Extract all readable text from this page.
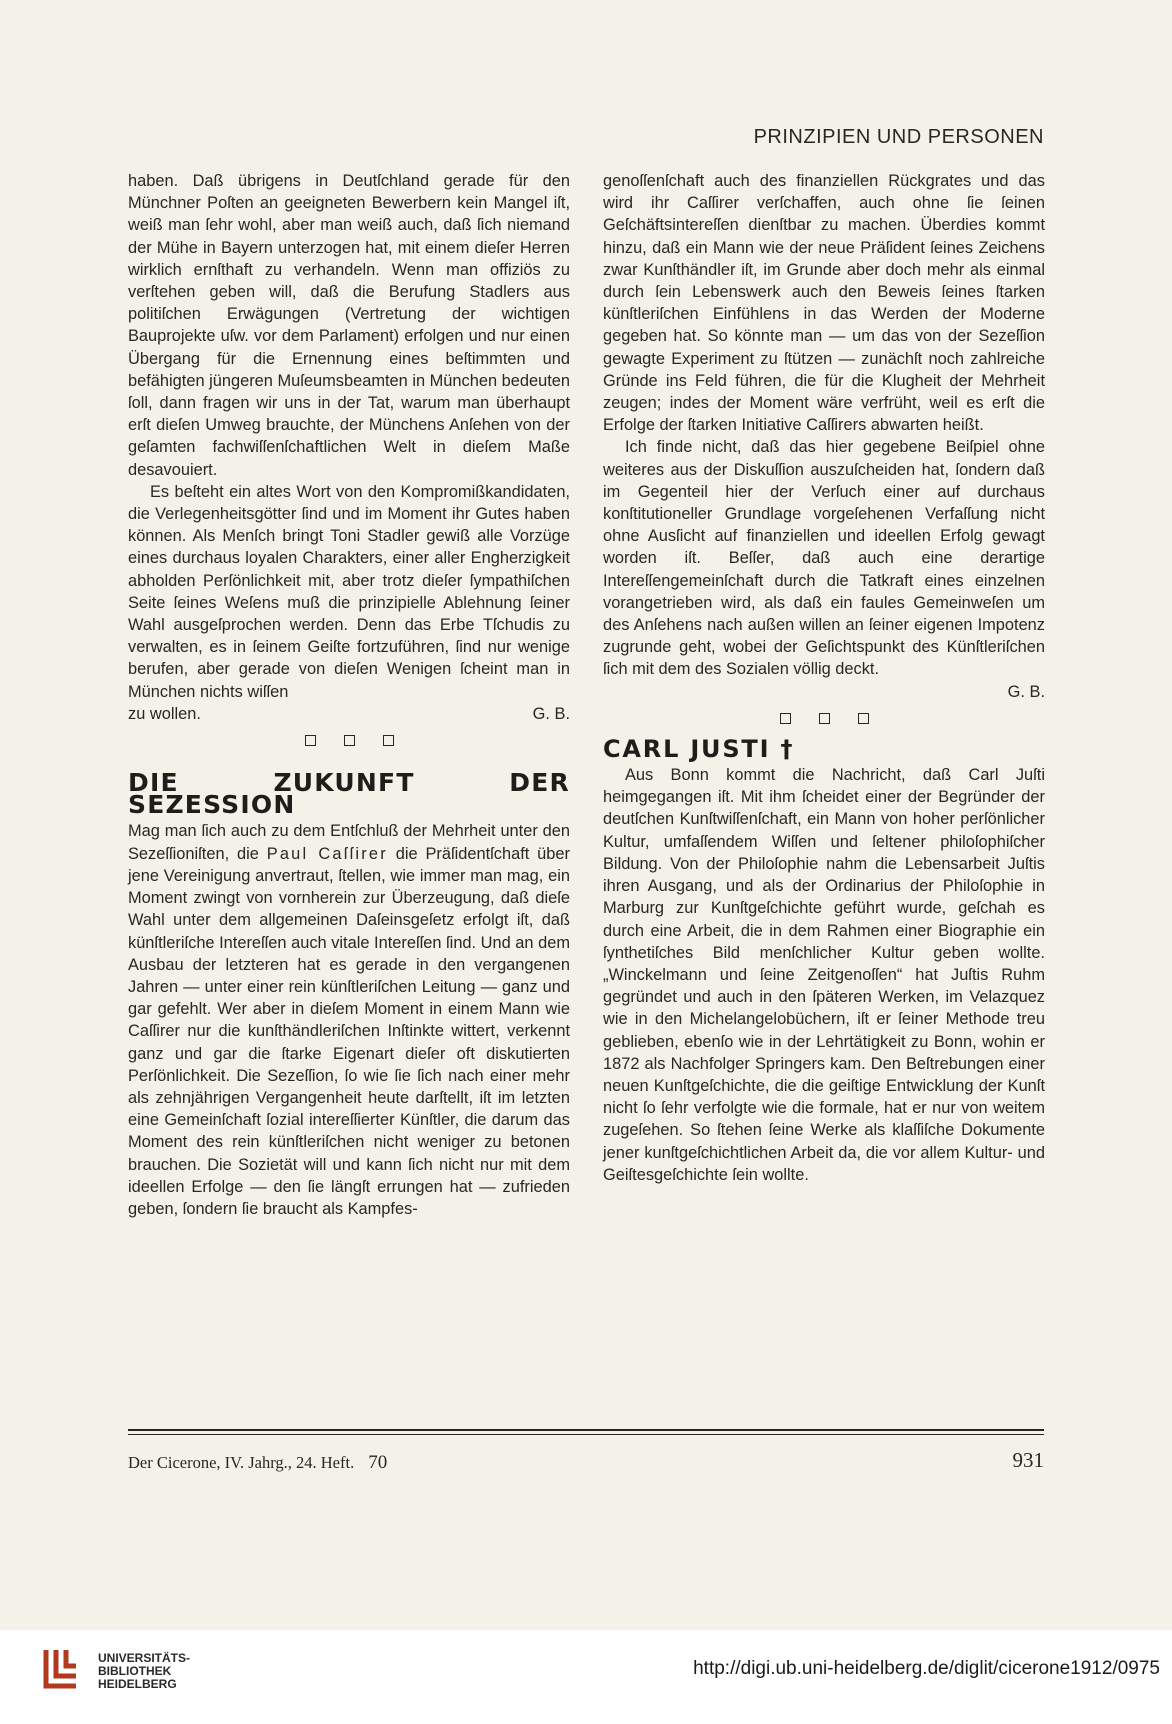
PRINZIPIEN UND PERSONEN

haben. Daß übrigens in Deutſchland gerade für den Münchner Poſten an geeigneten Bewerbern kein Mangel iſt, weiß man ſehr wohl, aber man weiß auch, daß ſich niemand der Mühe in Bayern unterzogen hat, mit einem dieſer Herren wirklich ernſthaft zu verhandeln. Wenn man offiziös zu verſtehen geben will, daß die Berufung Stadlers aus politiſchen Erwägungen (Vertretung der wichtigen Bauprojekte uſw. vor dem Parlament) erfolgen und nur einen Übergang für die Ernennung eines beſtimmten und befähigten jüngeren Muſeumsbeamten in München bedeuten ſoll, dann fragen wir uns in der Tat, warum man überhaupt erſt dieſen Umweg brauchte, der Münchens Anſehen von der geſamten fachwiſſenſchaftlichen Welt in dieſem Maße desavouiert.

Es beſteht ein altes Wort von den Kompromißkandidaten, die Verlegenheitsgötter ſind und im Moment ihr Gutes haben können. Als Menſch bringt Toni Stadler gewiß alle Vorzüge eines durchaus loyalen Charakters, einer aller Engherzigkeit abholden Perſönlichkeit mit, aber trotz dieſer ſympathiſchen Seite ſeines Weſens muß die prinzipielle Ablehnung ſeiner Wahl ausgeſprochen werden. Denn das Erbe Tſchudis zu verwalten, es in ſeinem Geiſte fortzuführen, ſind nur wenige berufen, aber gerade von dieſen Wenigen ſcheint man in München nichts wiſſen

zu wollen.	G. B.
DIE ZUKUNFT DER SEZESSION

Mag man ſich auch zu dem Entſchluß der Mehrheit unter den Sezeſſioniſten, die Paul Caſſirer die Präſidentſchaft über jene Vereinigung anvertraut, ſtellen, wie immer man mag, ein Moment zwingt von vornherein zur Überzeugung, daß dieſe Wahl unter dem allgemeinen Daſeinsgeſetz erfolgt iſt, daß künſtleriſche Intereſſen auch vitale Intereſſen ſind. Und an dem Ausbau der letzteren hat es gerade in den vergangenen Jahren — unter einer rein künſtleriſchen Leitung — ganz und gar gefehlt. Wer aber in dieſem Moment in einem Mann wie Caſſirer nur die kunſthändleriſchen Inſtinkte wittert, verkennt ganz und gar die ſtarke Eigenart dieſer oft diskutierten Perſönlichkeit. Die Sezeſſion, ſo wie ſie ſich nach einer mehr als zehnjährigen Vergangenheit heute darſtellt, iſt im letzten eine Gemeinſchaft ſozial intereſſierter Künſtler, die darum das Moment des rein künſtleriſchen nicht weniger zu betonen brauchen. Die Sozietät will und kann ſich nicht nur mit dem ideellen Erfolge — den ſie längſt errungen hat — zufrieden geben, ſondern ſie braucht als Kampfes-

genoſſenſchaft auch des finanziellen Rückgrates und das wird ihr Caſſirer verſchaffen, auch ohne ſie ſeinen Geſchäftsintereſſen dienſtbar zu machen. Überdies kommt hinzu, daß ein Mann wie der neue Präſident ſeines Zeichens zwar Kunſthändler iſt, im Grunde aber doch mehr als einmal durch ſein Lebenswerk auch den Beweis ſeines ſtarken künſtleriſchen Einfühlens in das Werden der Moderne gegeben hat. So könnte man — um das von der Sezeſſion gewagte Experiment zu ſtützen — zunächſt noch zahlreiche Gründe ins Feld führen, die für die Klugheit der Mehrheit zeugen; indes der Moment wäre verfrüht, weil es erſt die Erfolge der ſtarken Initiative Caſſirers abwarten heißt.

Ich finde nicht, daß das hier gegebene Beiſpiel ohne weiteres aus der Diskuſſion auszuſcheiden hat, ſondern daß im Gegenteil hier der Verſuch einer auf durchaus konſtitutioneller Grundlage vorgeſehenen Verfaſſung nicht ohne Ausſicht auf finanziellen und ideellen Erfolg gewagt worden iſt. Beſſer, daß auch eine derartige Intereſſengemeinſchaft durch die Tatkraft eines einzelnen vorangetrieben wird, als daß ein faules Gemeinweſen um des Anſehens nach außen willen an ſeiner eigenen Impotenz zugrunde geht, wobei der Geſichtspunkt des Künſtleriſchen ſich mit dem des Sozialen völlig deckt.

G. B.
CARL JUSTI †

Aus Bonn kommt die Nachricht, daß Carl Juſti heimgegangen iſt. Mit ihm ſcheidet einer der Begründer der deutſchen Kunſtwiſſenſchaft, ein Mann von hoher perſönlicher Kultur, umfaſſendem Wiſſen und ſeltener philoſophiſcher Bildung. Von der Philoſophie nahm die Lebensarbeit Juſtis ihren Ausgang, und als der Ordinarius der Philoſophie in Marburg zur Kunſtgeſchichte geführt wurde, geſchah es durch eine Arbeit, die in dem Rahmen einer Biographie ein ſynthetiſches Bild menſchlicher Kultur geben wollte. „Winckelmann und ſeine Zeitgenoſſen“ hat Juſtis Ruhm gegründet und auch in den ſpäteren Werken, im Velazquez wie in den Michelangelobüchern, iſt er ſeiner Methode treu geblieben, ebenſo wie in der Lehrtätigkeit zu Bonn, wohin er 1872 als Nachfolger Springers kam. Den Beſtrebungen einer neuen Kunſtgeſchichte, die die geiſtige Entwicklung der Kunſt nicht ſo ſehr verfolgte wie die formale, hat er nur von weitem zugeſehen. So ſtehen ſeine Werke als klaſſiſche Dokumente jener kunſtgeſchichtlichen Arbeit da, die vor allem Kultur- und Geiſtesgeſchichte ſein wollte.

Der Cicerone, IV. Jahrg., 24. Heft. 70	931
UNIVERSITÄTS-
BIBLIOTHEK
HEIDELBERG
http://digi.ub.uni-heidelberg.de/diglit/cicerone1912/0975
